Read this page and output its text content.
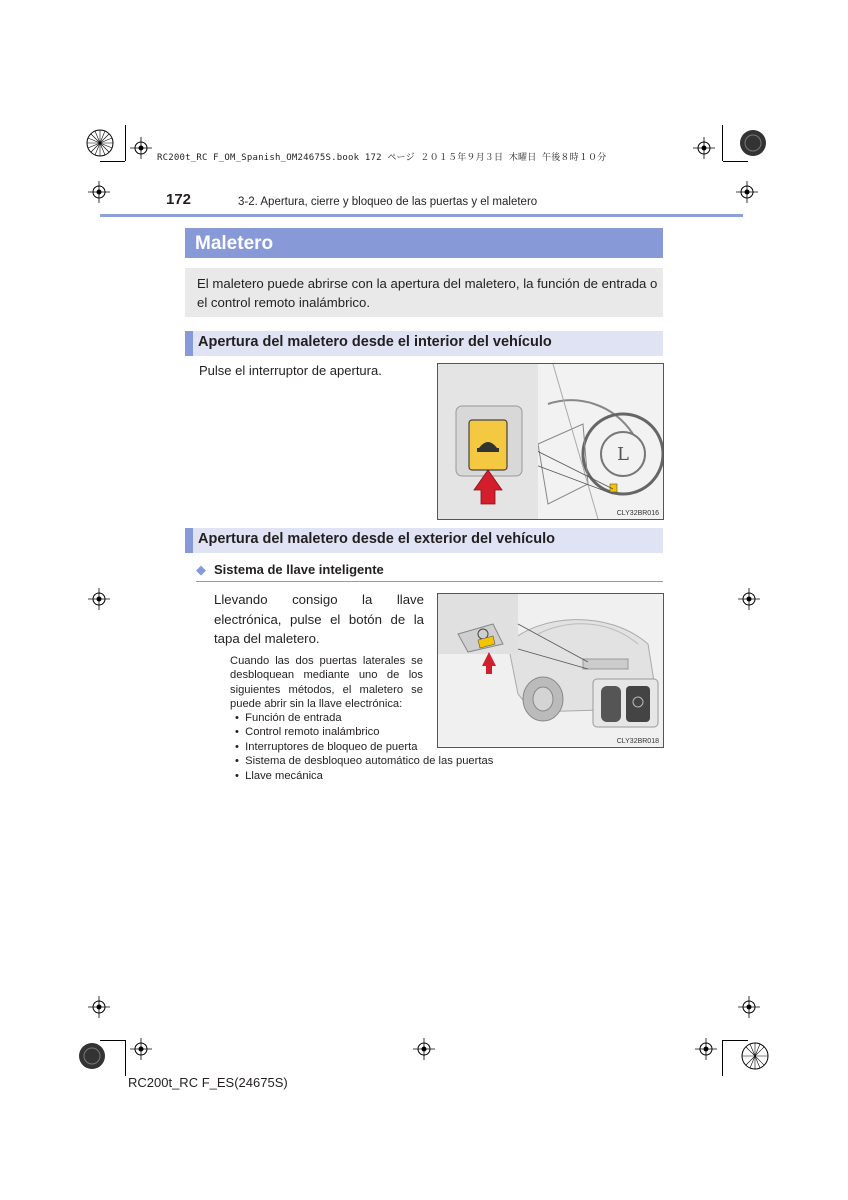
RC200t_RC F_OM_Spanish_OM24675S.book 172 ページ ２０１５年９月３日 木曜日 午後８時１０分
172	3-2. Apertura, cierre y bloqueo de las puertas y el maletero
Maletero
El maletero puede abrirse con la apertura del maletero, la función de entrada o el control remoto inalámbrico.
Apertura del maletero desde el interior del vehículo
Pulse el interruptor de apertura.
L
CLY32BR016
Apertura del maletero desde el exterior del vehículo
◆ Sistema de llave inteligente
Llevando consigo la llave electrónica, pulse el botón de la tapa del maletero.
CLY32BR018
Cuando las dos puertas laterales se desbloquean mediante uno de los siguientes métodos, el maletero se puede abrir sin la llave electrónica:
•  Función de entrada
•  Control remoto inalámbrico
•  Interruptores de bloqueo de puerta
•  Sistema de desbloqueo automático de las puertas
•  Llave mecánica
RC200t_RC F_ES(24675S)
